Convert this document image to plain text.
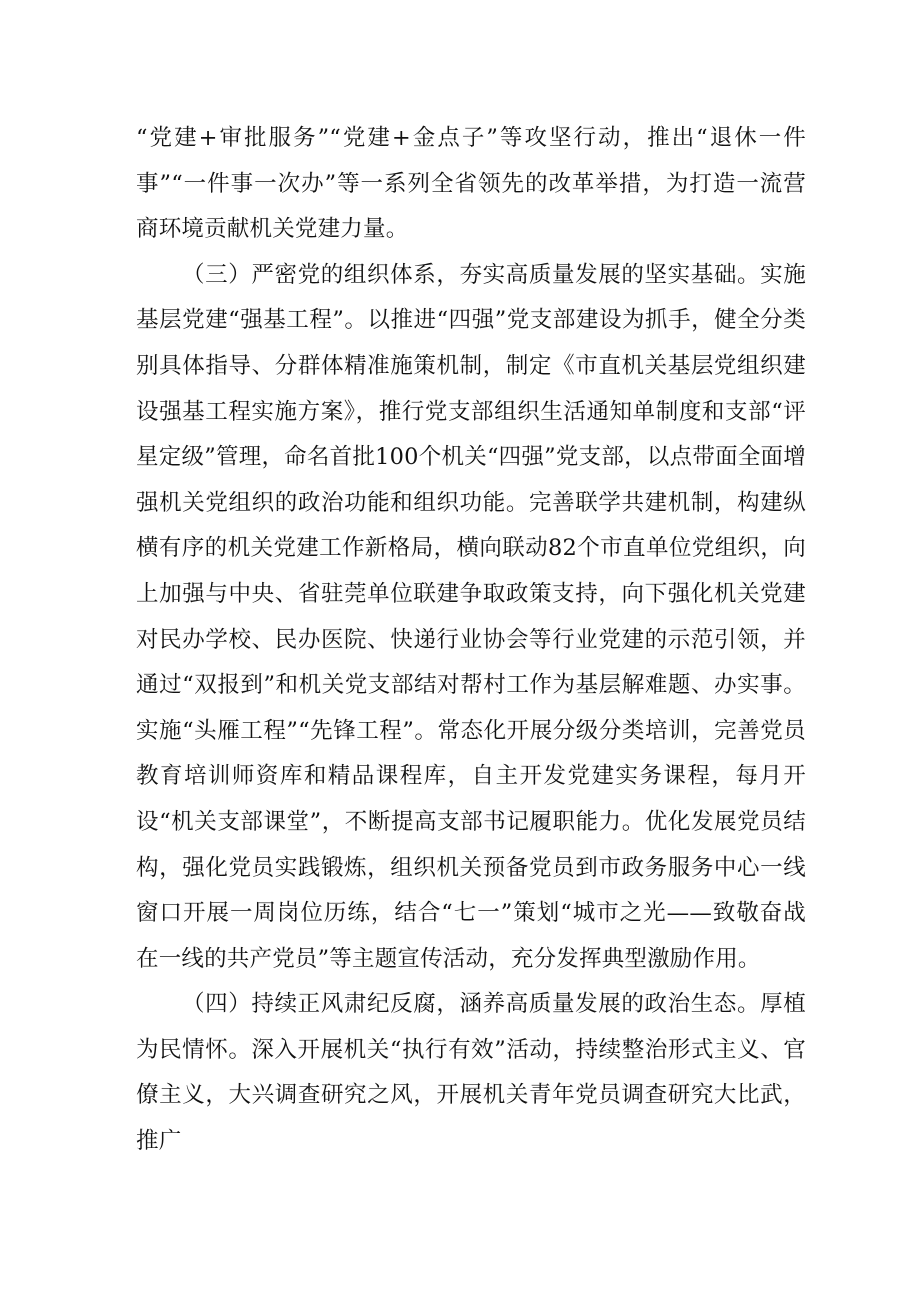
“党建+审批服务”“党建+金点子”等攻坚行动，推出“退休一件事”“一件事一次办”等一系列全省领先的改革举措，为打造一流营商环境贡献机关党建力量。

（三）严密党的组织体系，夯实高质量发展的坚实基础。实施基层党建“强基工程”。以推进“四强”党支部建设为抓手，健全分类别具体指导、分群体精准施策机制，制定《市直机关基层党组织建设强基工程实施方案》，推行党支部组织生活通知单制度和支部“评星定级”管理，命名首批100个机关“四强”党支部，以点带面全面增强机关党组织的政治功能和组织功能。完善联学共建机制，构建纵横有序的机关党建工作新格局，横向联动82个市直单位党组织，向上加强与中央、省驻莞单位联建争取政策支持，向下强化机关党建对民办学校、民办医院、快递行业协会等行业党建的示范引领，并通过“双报到”和机关党支部结对帮村工作为基层解难题、办实事。实施“头雁工程”“先锋工程”。常态化开展分级分类培训，完善党员教育培训师资库和精品课程库，自主开发党建实务课程，每月开设“机关支部课堂”，不断提高支部书记履职能力。优化发展党员结构，强化党员实践锻炼，组织机关预备党员到市政务服务中心一线窗口开展一周岗位历练，结合“七一”策划“城市之光——致敬奋战在一线的共产党员”等主题宣传活动，充分发挥典型激励作用。

（四）持续正风肃纪反腐，涵养高质量发展的政治生态。厚植为民情怀。深入开展机关“执行有效”活动，持续整治形式主义、官僚主义，大兴调查研究之风，开展机关青年党员调查研究大比武，推广
